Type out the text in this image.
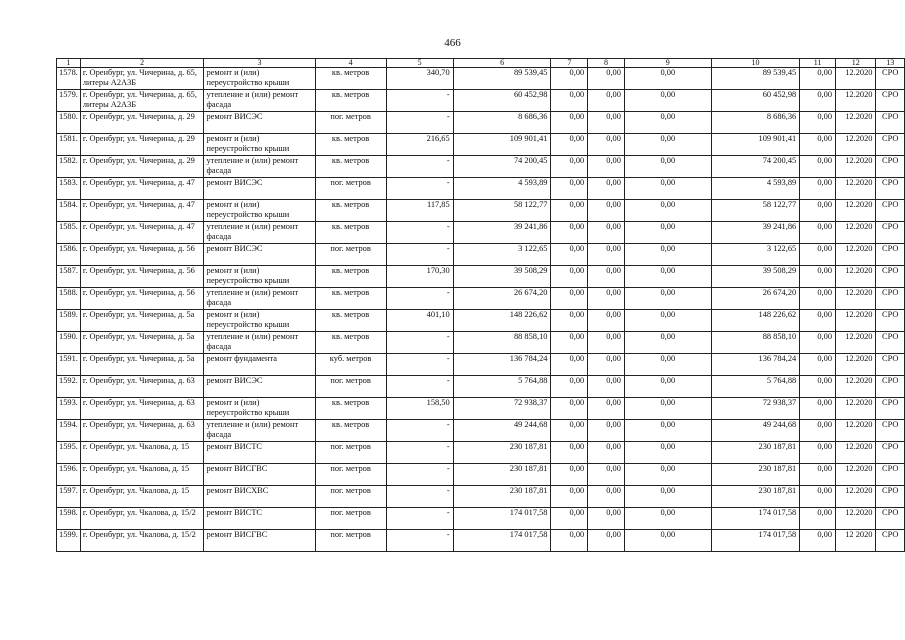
466
1	2	3	4	5	6	7	8	9	10	11	12	13
1578.	г. Оренбург, ул. Чичерина, д. 65, литеры А2А3Б	ремонт и (или) переустройство крыши	кв. метров	340,70	89 539,45	0,00	0,00	0,00	89 539,45	0,00	12.2020	СРО
1579.	г. Оренбург, ул. Чичерина, д. 65, литеры А2А3Б	утепление и (или) ремонт фасада	кв. метров	-	60 452,98	0,00	0,00	0,00	60 452,98	0,00	12.2020	СРО
1580.	г. Оренбург, ул. Чичерина, д. 29	ремонт ВИСЭС	пог. метров	-	8 686,36	0,00	0,00	0,00	8 686,36	0,00	12.2020	СРО
1581.	г. Оренбург, ул. Чичерина, д. 29	ремонт и (или) переустройство крыши	кв. метров	216,65	109 901,41	0,00	0,00	0,00	109 901,41	0,00	12.2020	СРО
1582.	г. Оренбург, ул. Чичерина, д. 29	утепление и (или) ремонт фасада	кв. метров	-	74 200,45	0,00	0,00	0,00	74 200,45	0,00	12.2020	СРО
1583.	г. Оренбург, ул. Чичерина, д. 47	ремонт ВИСЭС	пог. метров	-	4 593,89	0,00	0,00	0,00	4 593,89	0,00	12.2020	СРО
1584.	г. Оренбург, ул. Чичерина, д. 47	ремонт и (или) переустройство крыши	кв. метров	117,85	58 122,77	0,00	0,00	0,00	58 122,77	0,00	12.2020	СРО
1585.	г. Оренбург, ул. Чичерина, д. 47	утепление и (или) ремонт фасада	кв. метров	-	39 241,86	0,00	0,00	0,00	39 241,86	0,00	12.2020	СРО
1586.	г. Оренбург, ул. Чичерина, д. 56	ремонт ВИСЭС	пог. метров	-	3 122,65	0,00	0,00	0,00	3 122,65	0,00	12.2020	СРО
1587.	г. Оренбург, ул. Чичерина, д. 56	ремонт и (или) переустройство крыши	кв. метров	170,30	39 508,29	0,00	0,00	0,00	39 508,29	0,00	12.2020	СРО
1588.	г. Оренбург, ул. Чичерина, д. 56	утепление и (или) ремонт фасада	кв. метров	-	26 674,20	0,00	0,00	0,00	26 674,20	0,00	12.2020	СРО
1589.	г. Оренбург, ул. Чичерина, д. 5а	ремонт и (или) переустройство крыши	кв. метров	401,10	148 226,62	0,00	0,00	0,00	148 226,62	0,00	12.2020	СРО
1590.	г. Оренбург, ул. Чичерина, д. 5а	утепление и (или) ремонт фасада	кв. метров	-	88 858,10	0,00	0,00	0,00	88 858,10	0,00	12.2020	СРО
1591.	г. Оренбург, ул. Чичерина, д. 5а	ремонт фундамента	куб. метров	-	136 784,24	0,00	0,00	0,00	136 784,24	0,00	12.2020	СРО
1592.	г. Оренбург, ул. Чичерина, д. 63	ремонт ВИСЭС	пог. метров	-	5 764,88	0,00	0,00	0,00	5 764,88	0,00	12.2020	СРО
1593.	г. Оренбург, ул. Чичерина, д. 63	ремонт и (или) переустройство крыши	кв. метров	158,50	72 938,37	0,00	0,00	0,00	72 938,37	0,00	12.2020	СРО
1594.	г. Оренбург, ул. Чичерина, д. 63	утепление и (или) ремонт фасада	кв. метров	-	49 244,68	0,00	0,00	0,00	49 244,68	0,00	12.2020	СРО
1595.	г. Оренбург, ул. Чкалова, д. 15	ремонт ВИСТС	пог. метров	-	230 187,81	0,00	0,00	0,00	230 187,81	0,00	12.2020	СРО
1596.	г. Оренбург, ул. Чкалова, д. 15	ремонт ВИСГВС	пог. метров	-	230 187,81	0,00	0,00	0,00	230 187,81	0,00	12.2020	СРО
1597.	г. Оренбург, ул. Чкалова, д. 15	ремонт ВИСХВС	пог. метров	-	230 187,81	0,00	0,00	0,00	230 187,81	0,00	12.2020	СРО
1598.	г. Оренбург, ул. Чкалова, д. 15/2	ремонт ВИСТС	пог. метров	-	174 017,58	0,00	0,00	0,00	174 017,58	0,00	12.2020	СРО
1599.	г. Оренбург, ул. Чкалова, д. 15/2	ремонт ВИСГВС	пог. метров	-	174 017,58	0,00	0,00	0,00	174 017,58	0,00	12 2020	СРО
